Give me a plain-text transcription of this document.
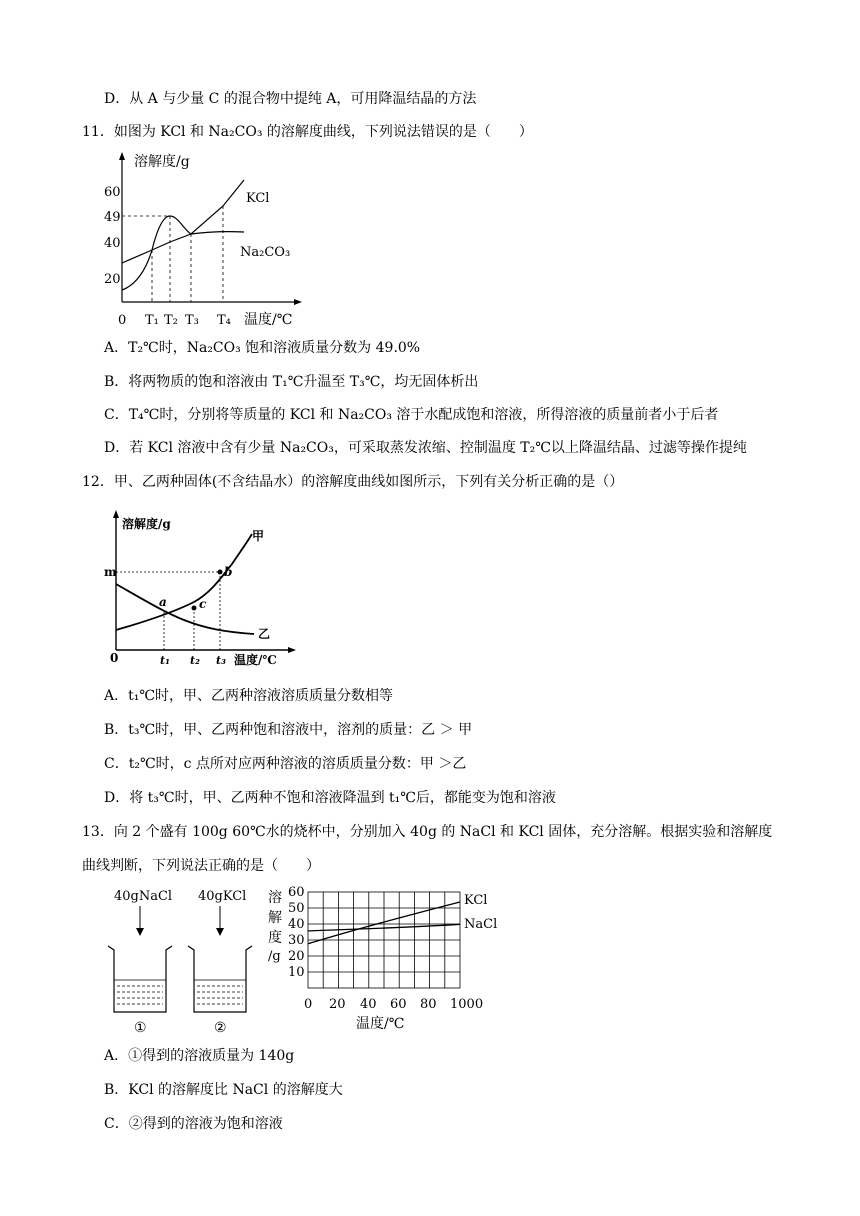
D．从 A 与少量 C 的混合物中提纯 A，可用降温结晶的方法
11．如图为 KCl 和 Na₂CO₃ 的溶解度曲线，下列说法错误的是（　　）
溶解度/g
60
49
40
20
KCl
Na₂CO₃
0 T₁ T₂ T₃ T₄ 温度/℃
A．T₂℃时，Na₂CO₃ 饱和溶液质量分数为 49.0%
B．将两物质的饱和溶液由 T₁℃升温至 T₃℃，均无固体析出
C．T₄℃时，分别将等质量的 KCl 和 Na₂CO₃ 溶于水配成饱和溶液，所得溶液的质量前者小于后者
D．若 KCl 溶液中含有少量 Na₂CO₃，可采取蒸发浓缩、控制温度 T₂℃以上降温结晶、过滤等操作提纯
12．甲、乙两种固体(不含结晶水）的溶解度曲线如图所示，下列有关分析正确的是（）
溶解度/g
m
0
甲
乙
a
b
c
t₁ t₂ t₃ 温度/℃
A．t₁℃时，甲、乙两种溶液溶质质量分数相等
B．t₃℃时，甲、乙两种饱和溶液中，溶剂的质量：乙 ＞ 甲
C．t₂℃时，c 点所对应两种溶液的溶质质量分数：甲 ＞乙
D．将 t₃℃时，甲、乙两种不饱和溶液降温到 t₁℃后，都能变为饱和溶液
13．向 2 个盛有 100g 60℃水的烧杯中，分别加入 40g 的 NaCl 和 KCl 固体，充分溶解。根据实验和溶解度
曲线判断，下列说法正确的是（　　）
40gNaCl
①
40gKCl
②
溶
解
度
/g
60
50
40
30
20
10
KCl
NaCl
0 20 40 60 80 1000
温度/℃
A．①得到的溶液质量为 140g
B．KCl 的溶解度比 NaCl 的溶解度大
C．②得到的溶液为饱和溶液
